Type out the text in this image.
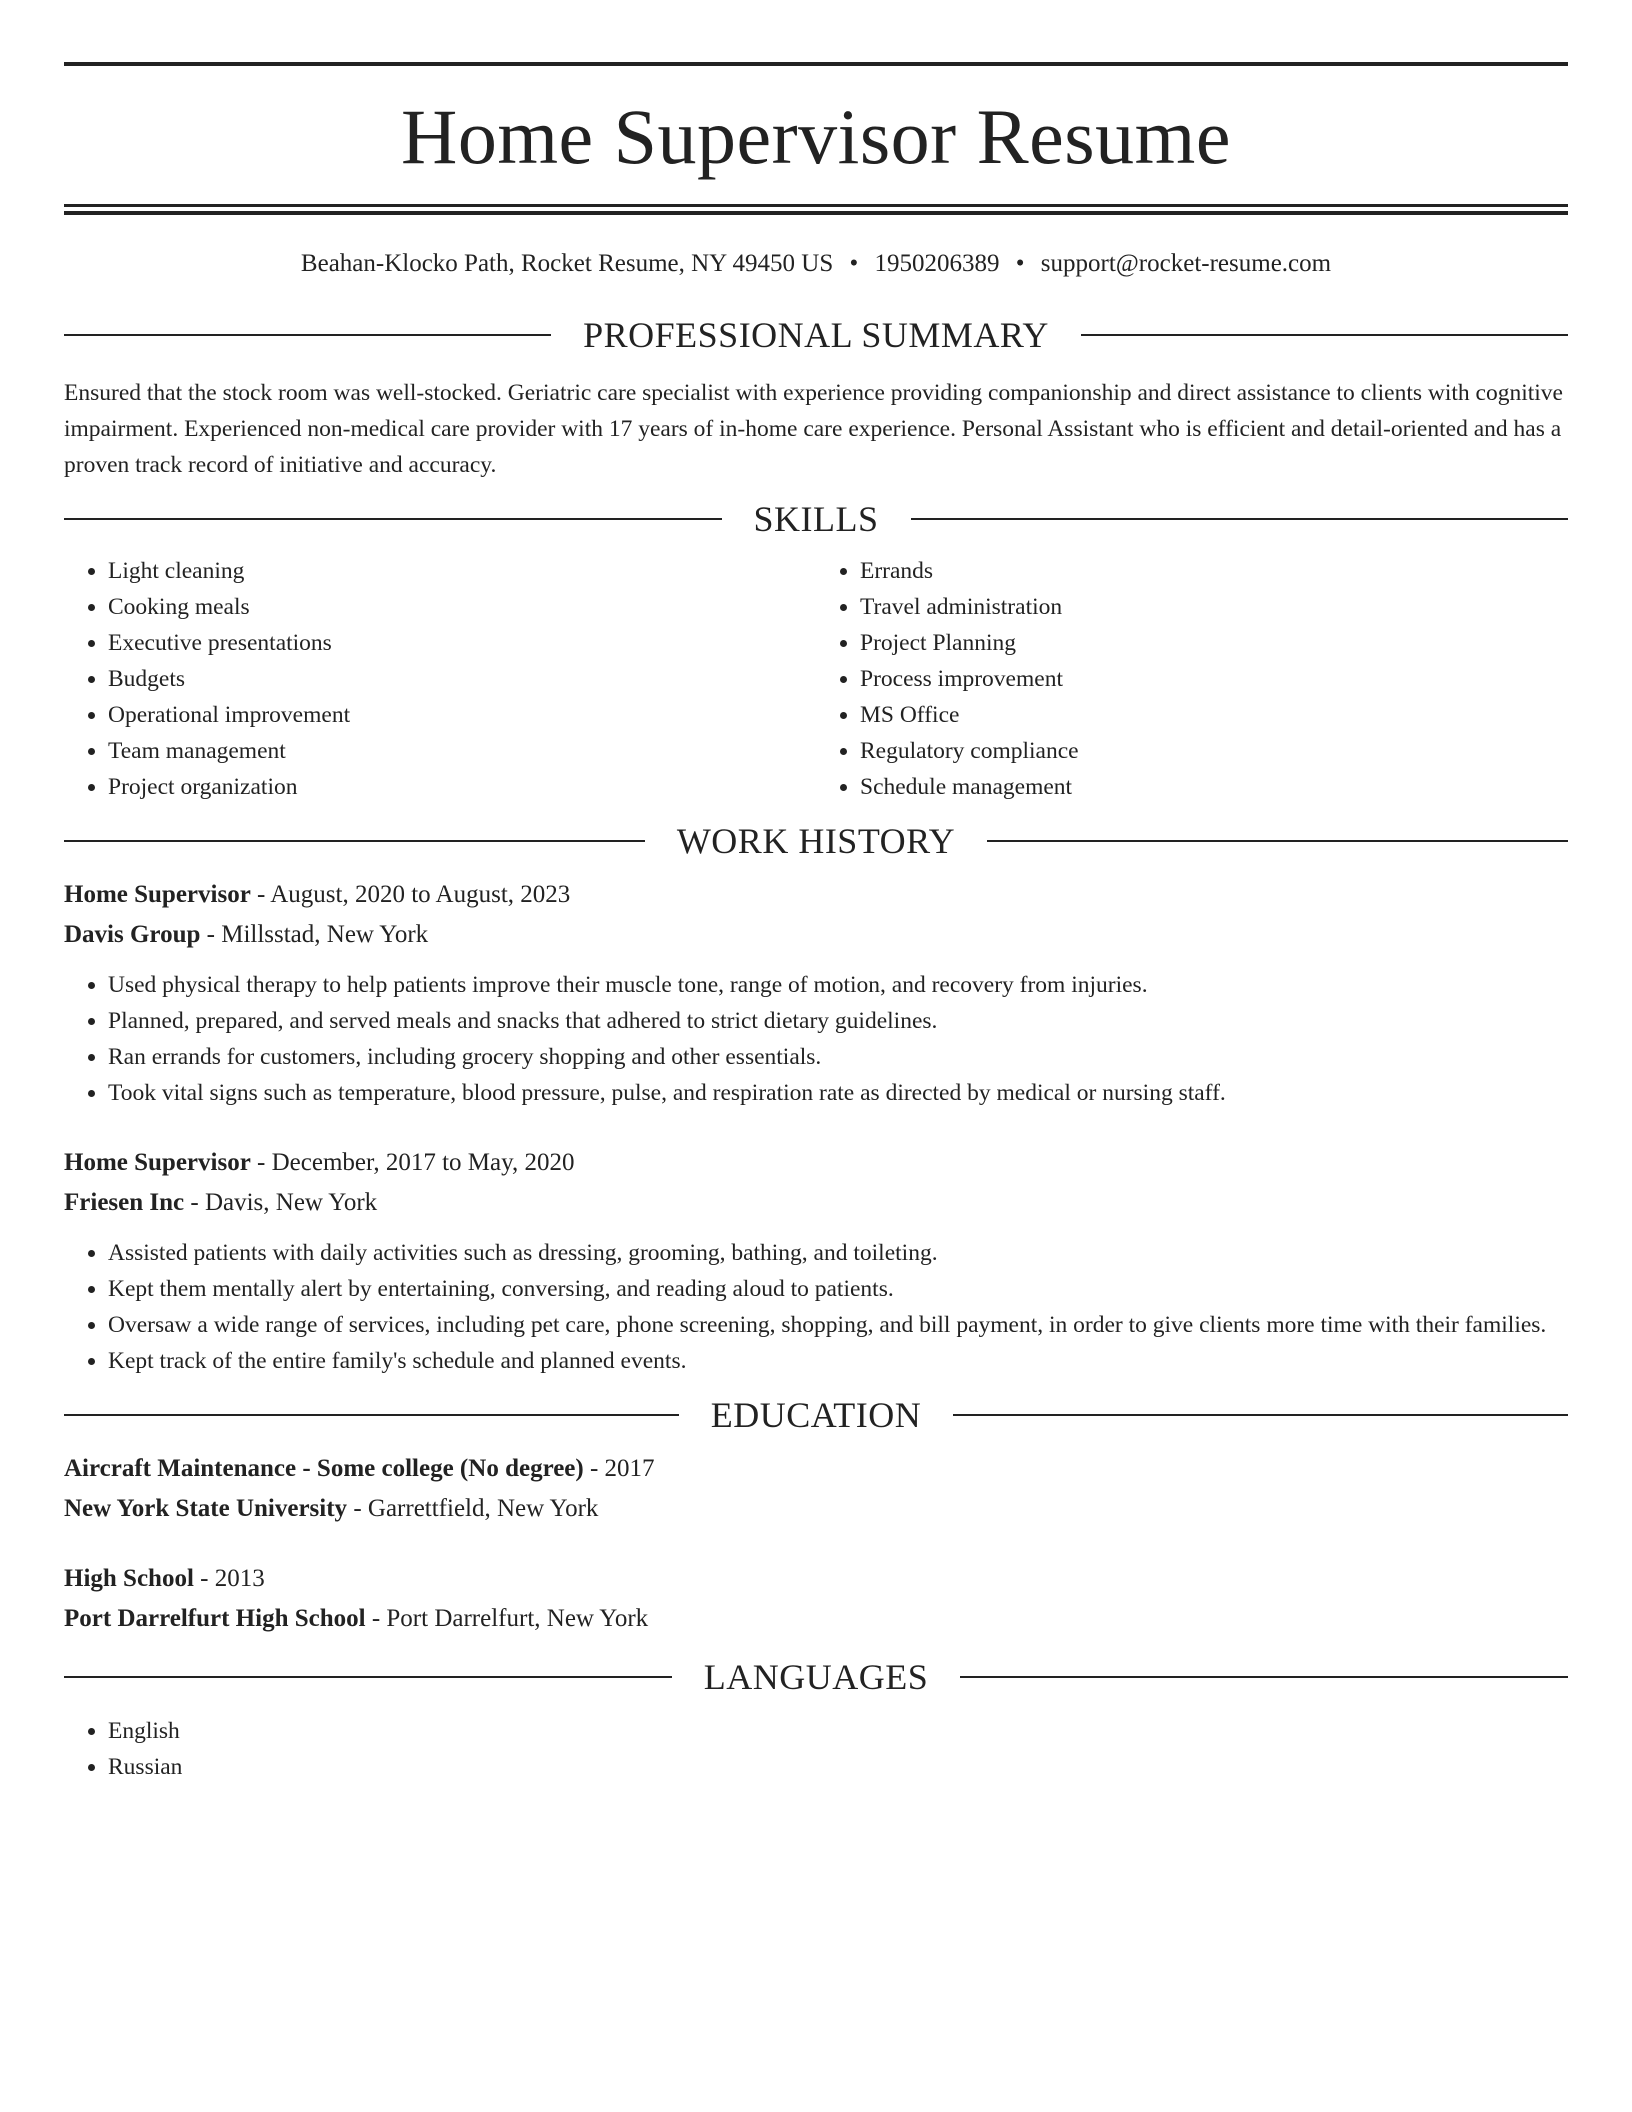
Home Supervisor Resume
Beahan-Klocko Path, Rocket Resume, NY 49450 US • 1950206389 • support@rocket-resume.com
PROFESSIONAL SUMMARY

Ensured that the stock room was well-stocked. Geriatric care specialist with experience providing companionship and direct assistance to clients with cognitive impairment. Experienced non-medical care provider with 17 years of in-home care experience. Personal Assistant who is efficient and detail-oriented and has a proven track record of initiative and accuracy.

SKILLS
• Light cleaning
• Cooking meals
• Executive presentations
• Budgets
• Operational improvement
• Team management
• Project organization
• Errands
• Travel administration
• Project Planning
• Process improvement
• MS Office
• Regulatory compliance
• Schedule management
WORK HISTORY
Home Supervisor - August, 2020 to August, 2023
Davis Group - Millsstad, New York
• Used physical therapy to help patients improve their muscle tone, range of motion, and recovery from injuries.
• Planned, prepared, and served meals and snacks that adhered to strict dietary guidelines.
• Ran errands for customers, including grocery shopping and other essentials.
• Took vital signs such as temperature, blood pressure, pulse, and respiration rate as directed by medical or nursing staff.
Home Supervisor - December, 2017 to May, 2020
Friesen Inc - Davis, New York
• Assisted patients with daily activities such as dressing, grooming, bathing, and toileting.
• Kept them mentally alert by entertaining, conversing, and reading aloud to patients.
• Oversaw a wide range of services, including pet care, phone screening, shopping, and bill payment, in order to give clients more time with their families.
• Kept track of the entire family's schedule and planned events.
EDUCATION
Aircraft Maintenance - Some college (No degree) - 2017
New York State University - Garrettfield, New York
High School - 2013
Port Darrelfurt High School - Port Darrelfurt, New York
LANGUAGES
• English
• Russian
